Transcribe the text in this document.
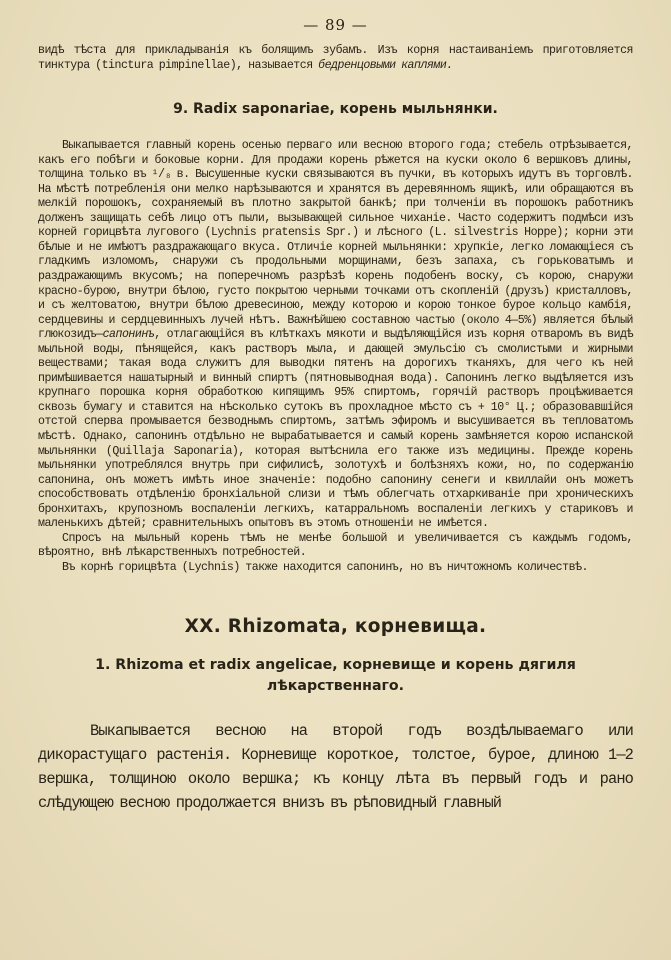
— 89 —

видѣ тѣста для прикладыванія къ болящимъ зубамъ. Изъ корня настаиваніемъ приготовляется тинктура (tinctura pimpinellae), называется бедренцовыми каплями.

9. Radix saponariae, корень мыльнянки.

Выкапывается главный корень осенью перваго или весною второго года; стебель отрѣзывается, какъ его побѣги и боковые корни. Для продажи корень рѣжется на куски около 6 вершковъ длины, толщина только въ ¹/₈ в. Высушенные куски связываются въ пучки, въ которыхъ идутъ въ торговлѣ. На мѣстѣ потребленія они мелко нарѣзываются и хранятся въ деревянномъ ящикѣ, или обращаются въ мелкій порошокъ, сохраняемый въ плотно закрытой банкѣ; при толченіи въ порошокъ работникъ долженъ защищать себѣ лицо отъ пыли, вызывающей сильное чиханіе. Часто содержитъ подмѣси изъ корней горицвѣта лугового (Lychnis pratensis Spr.) и лѣсного (L. silvestris Hoppe); корни эти бѣлые и не имѣютъ раздражающаго вкуса. Отличіе корней мыльнянки: хрупкіе, легко ломающіеся съ гладкимъ изломомъ, снаружи съ продольными морщинами, безъ запаха, съ горьковатымъ и раздражающимъ вкусомъ; на поперечномъ разрѣзѣ корень подобенъ воску, съ корою, снаружи красно-бурою, внутри бѣлою, густо покрытою черными точками отъ скопленій (друзъ) кристалловъ, и съ желтоватою, внутри бѣлою древесиною, между которою и корою тонкое бурое кольцо камбія, сердцевины и сердцевинныхъ лучей нѣтъ. Важнѣйшею составною частью (около 4—5%) является бѣлый глюкозидъ—сапонинъ, отлагающійся въ клѣткахъ мякоти и выдѣляющійся изъ корня отваромъ въ видѣ мыльной воды, пѣнящейся, какъ растворъ мыла, и дающей эмульсію съ смолистыми и жирными веществами; такая вода служитъ для выводки пятенъ на дорогихъ тканяхъ, для чего къ ней примѣшивается нашатырный и винный спиртъ (пятновыводная вода). Сапонинъ легко выдѣляется изъ крупнаго порошка корня обработкою кипящимъ 95% спиртомъ, горячій растворъ процѣживается сквозь бумагу и ставится на нѣсколько сутокъ въ прохладное мѣсто съ + 10° Ц.; образовавшійся отстой сперва промывается безводнымъ спиртомъ, затѣмъ эфиромъ и высушивается въ тепловатомъ мѣстѣ. Однако, сапонинъ отдѣльно не вырабатывается и самый корень замѣняется корою испанской мыльнянки (Quillaja Saponaria), которая вытѣснила его также изъ медицины. Прежде корень мыльнянки употреблялся внутрь при сифилисѣ, золотухѣ и болѣзняхъ кожи, но, по содержанію сапонина, онъ можетъ имѣть иное значеніе: подобно сапонину сенеги и квиллайи онъ можетъ способствовать отдѣленію бронхіальной слизи и тѣмъ облегчать отхаркиваніе при хроническихъ бронхитахъ, крупозномъ воспаленіи легкихъ, катарральномъ воспаленіи легкихъ у стариковъ и маленькихъ дѣтей; сравнительныхъ опытовъ въ этомъ отношеніи не имѣется.

Спросъ на мыльный корень тѣмъ не менѣе большой и увеличивается съ каждымъ годомъ, вѣроятно, внѣ лѣкарственныхъ потребностей.

Въ корнѣ горицвѣта (Lychnis) также находится сапонинъ, но въ ничтожномъ количествѣ.

XX. Rhizomata, корневища.
1. Rhizoma et radix angelicae, корневище и корень дягиля
лѣкарственнаго.

Выкапывается весною на второй годъ воздѣлываемаго или дикорастущаго растенія. Корневище короткое, толстое, бурое, длиною 1—2 вершка, толщиною около вершка; къ концу лѣта въ первый годъ и рано слѣдующею весною продолжается внизъ въ рѣповидный главный
